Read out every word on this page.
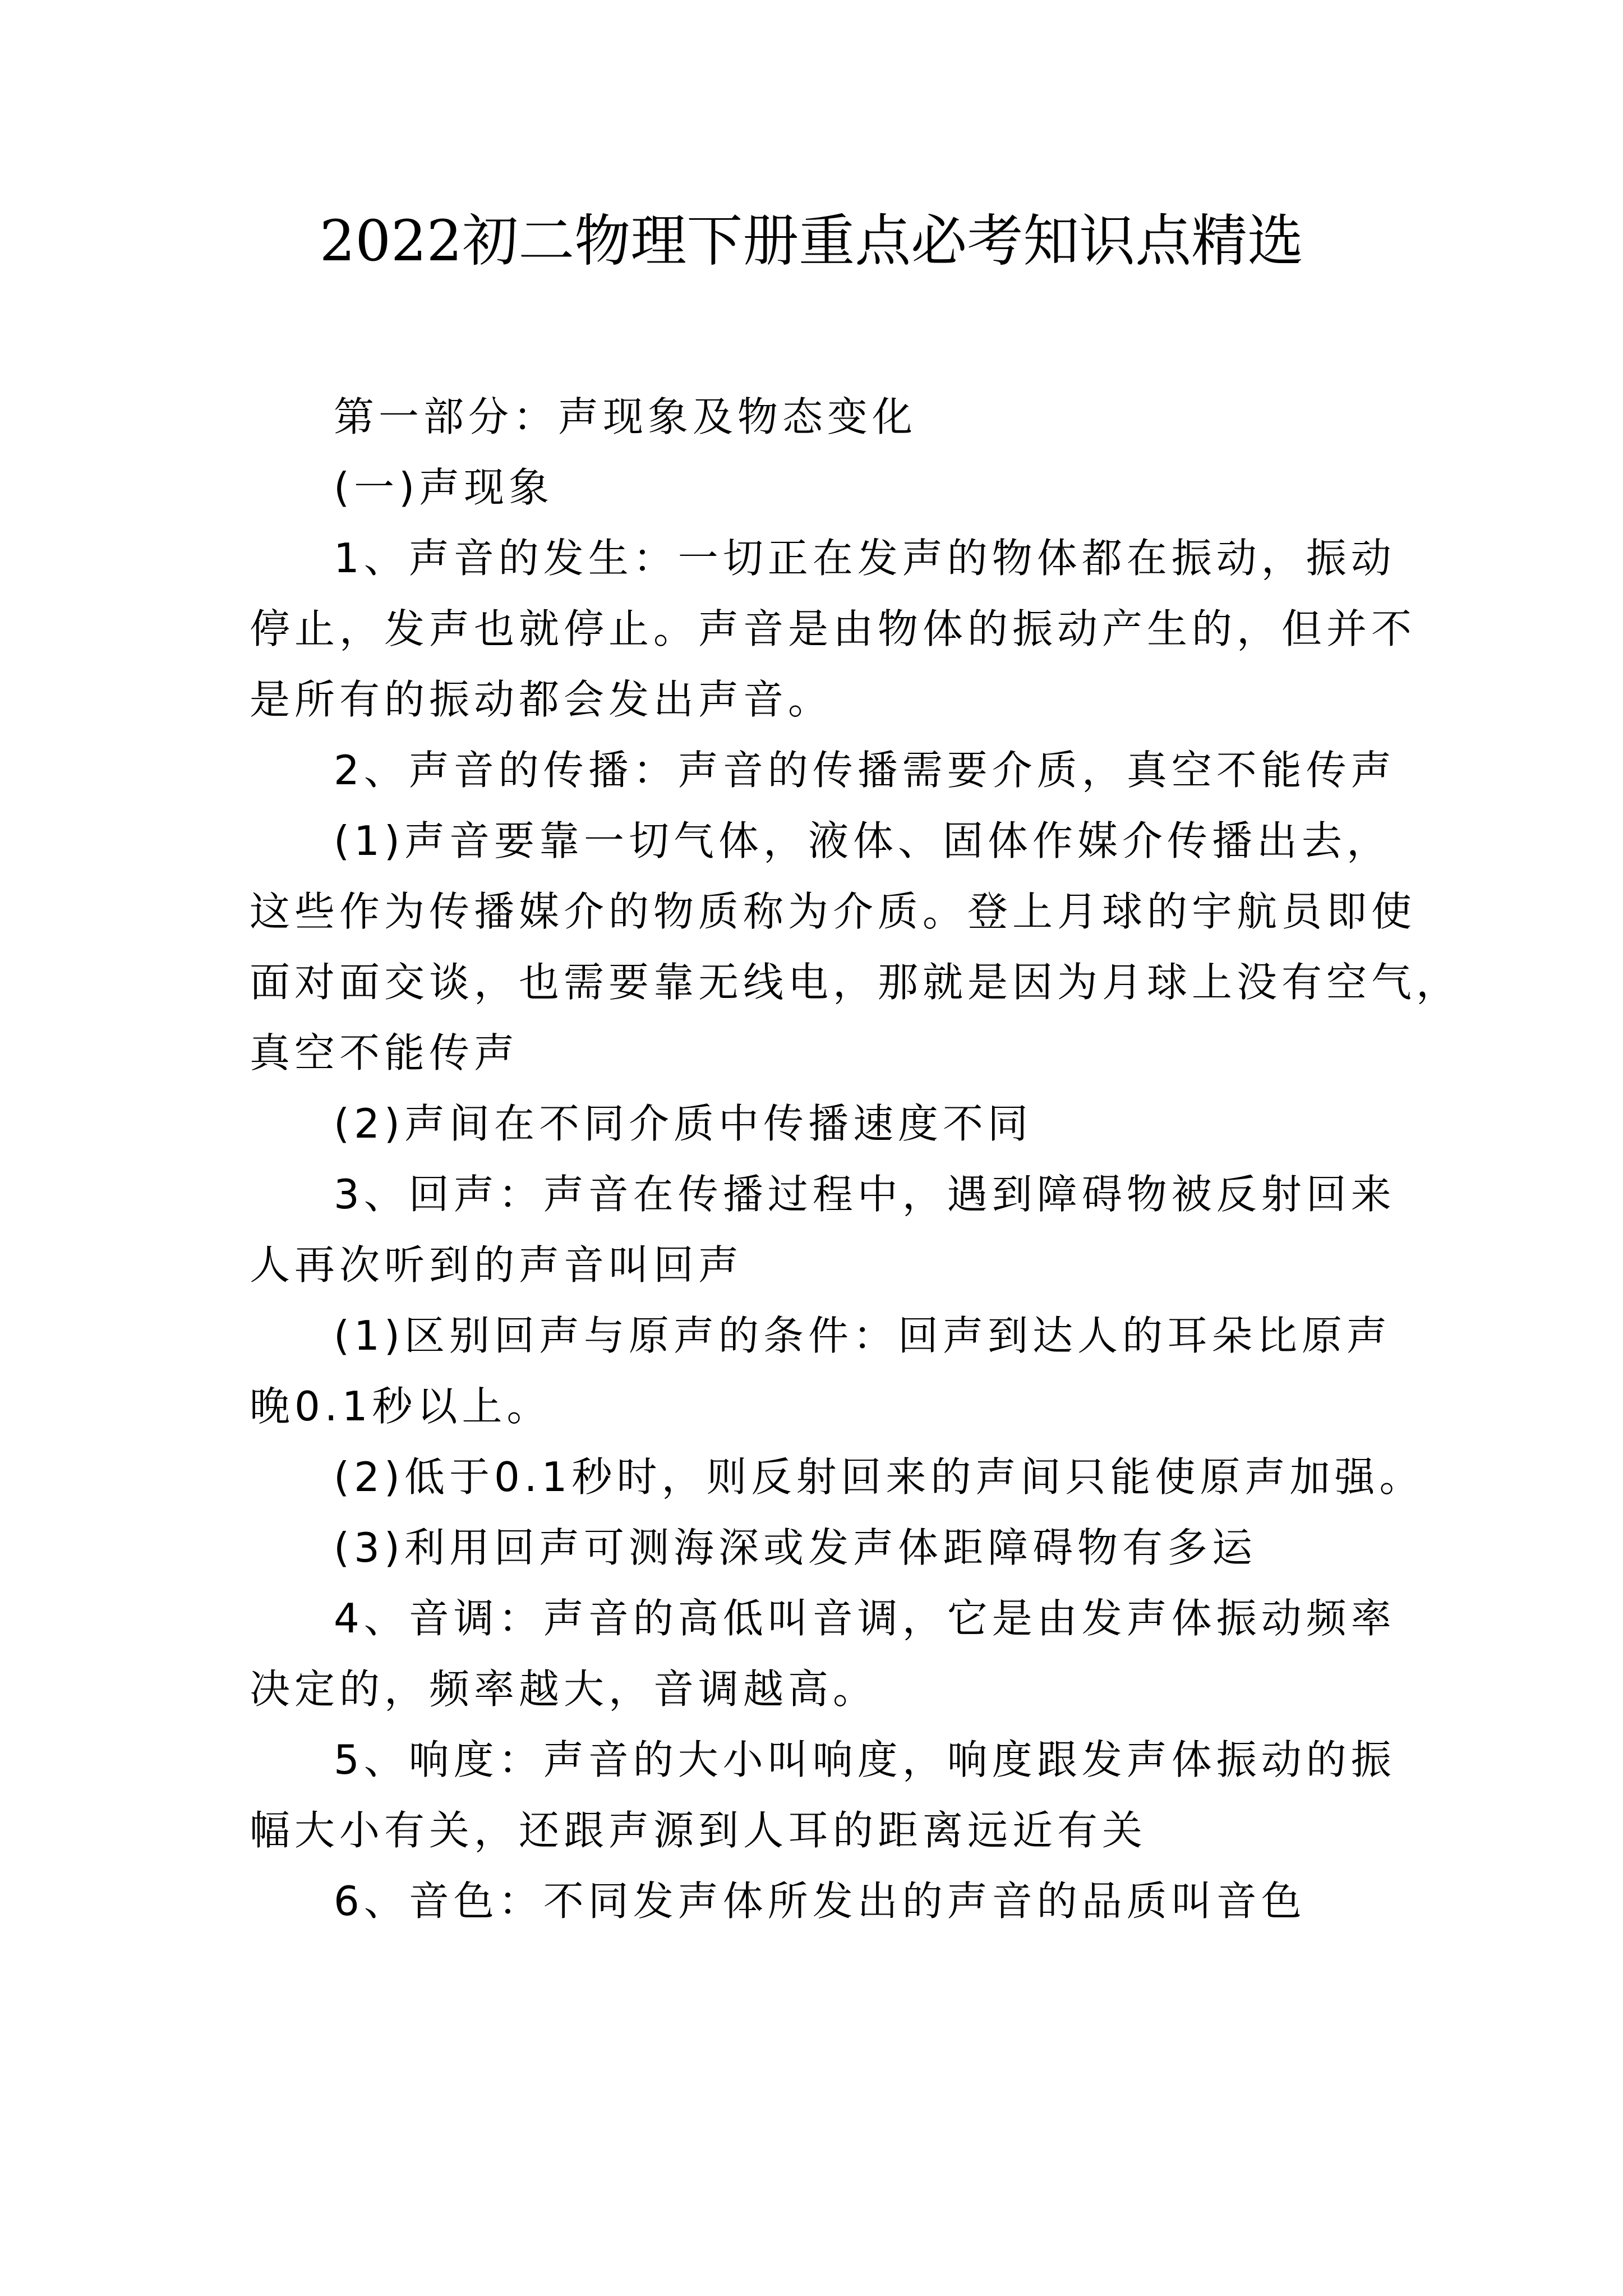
2022初二物理下册重点必考知识点精选

第一部分：声现象及物态变化

(一)声现象

1、声音的发生：一切正在发声的物体都在振动，振动
停止，发声也就停止。声音是由物体的振动产生的，但并不
是所有的振动都会发出声音。

2、声音的传播：声音的传播需要介质，真空不能传声

(1)声音要靠一切气体，液体、固体作媒介传播出去，
这些作为传播媒介的物质称为介质。登上月球的宇航员即使
面对面交谈，也需要靠无线电，那就是因为月球上没有空气，
真空不能传声

(2)声间在不同介质中传播速度不同

3、回声：声音在传播过程中，遇到障碍物被反射回来
人再次听到的声音叫回声

(1)区别回声与原声的条件：回声到达人的耳朵比原声
晚0.1秒以上。

(2)低于0.1秒时，则反射回来的声间只能使原声加强。

(3)利用回声可测海深或发声体距障碍物有多运

4、音调：声音的高低叫音调，它是由发声体振动频率
决定的，频率越大，音调越高。

5、响度：声音的大小叫响度，响度跟发声体振动的振
幅大小有关，还跟声源到人耳的距离远近有关

6、音色：不同发声体所发出的声音的品质叫音色
